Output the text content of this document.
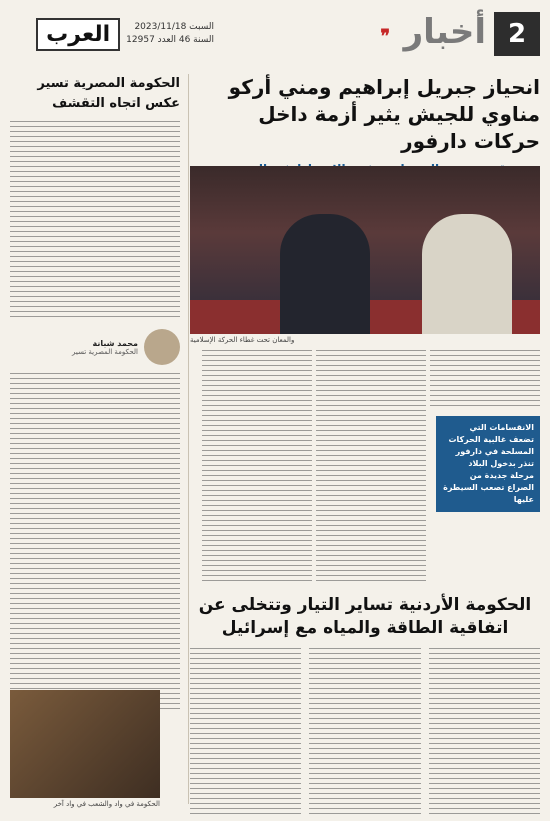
2
أخبار
❞
السبت 2023/11/18
السنة 46 العدد 12957
العرب
انحياز جبريل إبراهيم ومني أركو مناوي للجيش يثير أزمة داخل حركات دارفور
والمعان تحت غطاء الحركة الإسلامية
الانقسامات التي تضعف غالبية الحركات المسلحة في دارفور تنذر بدخول البلاد مرحلة جديدة من الصراع تصعب السيطرة عليها
الحكومة الأردنية تساير التيار وتتخلى عن اتفاقية الطاقة والمياه مع إسرائيل
الحكومة المصرية تسير عكس اتجاه التقشف
محمد شبانة
الحكومة المصرية تسير
الحكومة في واد والشعب في واد آخر
